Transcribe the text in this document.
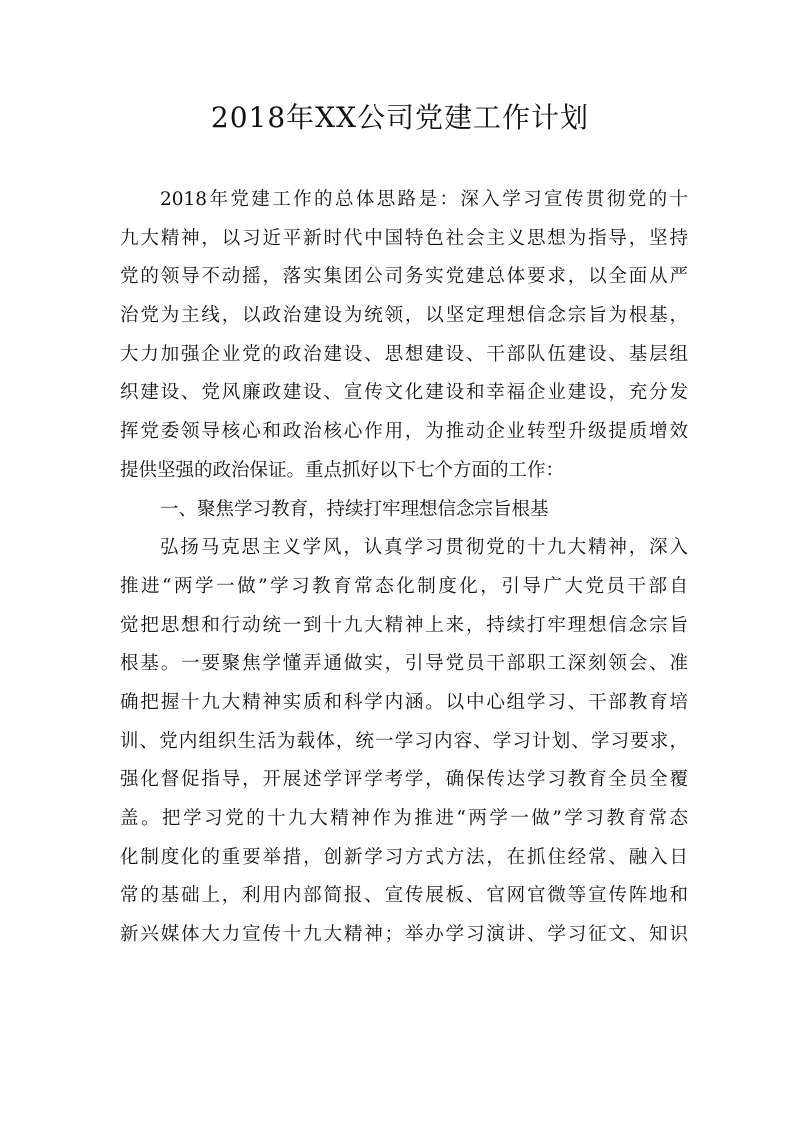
2018年XX公司党建工作计划
2018年党建工作的总体思路是：深入学习宣传贯彻党的十
九大精神，以习近平新时代中国特色社会主义思想为指导，坚持
党的领导不动摇，落实集团公司务实党建总体要求，以全面从严
治党为主线，以政治建设为统领，以坚定理想信念宗旨为根基，
大力加强企业党的政治建设、思想建设、干部队伍建设、基层组
织建设、党风廉政建设、宣传文化建设和幸福企业建设，充分发
挥党委领导核心和政治核心作用，为推动企业转型升级提质增效
提供坚强的政治保证。重点抓好以下七个方面的工作：
一、聚焦学习教育，持续打牢理想信念宗旨根基
弘扬马克思主义学风，认真学习贯彻党的十九大精神，深入
推进“两学一做”学习教育常态化制度化，引导广大党员干部自
觉把思想和行动统一到十九大精神上来，持续打牢理想信念宗旨
根基。一要聚焦学懂弄通做实，引导党员干部职工深刻领会、准
确把握十九大精神实质和科学内涵。以中心组学习、干部教育培
训、党内组织生活为载体，统一学习内容、学习计划、学习要求，
强化督促指导，开展述学评学考学，确保传达学习教育全员全覆
盖。把学习党的十九大精神作为推进“两学一做”学习教育常态
化制度化的重要举措，创新学习方式方法，在抓住经常、融入日
常的基础上，利用内部简报、宣传展板、官网官微等宣传阵地和
新兴媒体大力宣传十九大精神；举办学习演讲、学习征文、知识
